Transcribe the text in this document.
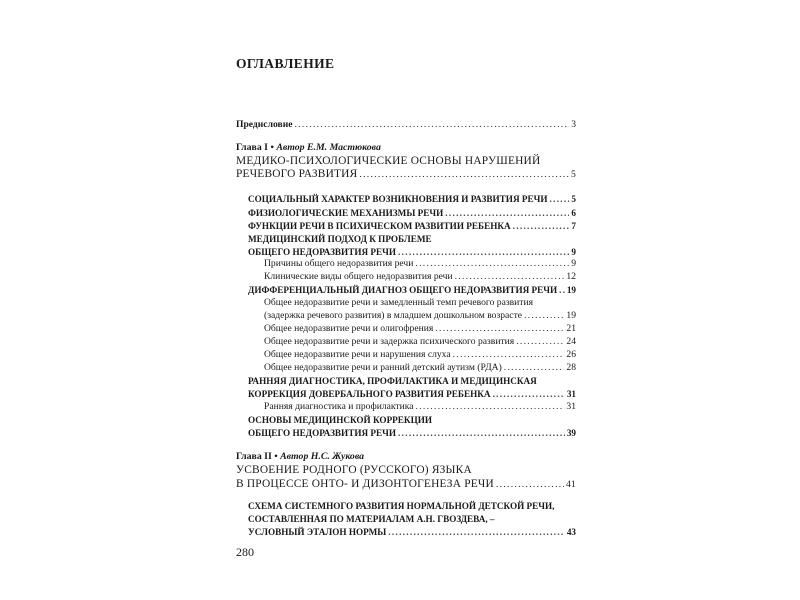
ОГЛАВЛЕНИЕ
Предисловие .....	3
Глава I • Автор Е.М. Мастюкова
МЕДИКО-ПСИХОЛОГИЧЕСКИЕ ОСНОВЫ НАРУШЕНИЙ
РЕЧЕВОГО РАЗВИТИЯ .....	5
СОЦИАЛЬНЫЙ ХАРАКТЕР ВОЗНИКНОВЕНИЯ И РАЗВИТИЯ РЕЧИ .....	5
ФИЗИОЛОГИЧЕСКИЕ МЕХАНИЗМЫ РЕЧИ .....	6
ФУНКЦИИ РЕЧИ В ПСИХИЧЕСКОМ РАЗВИТИИ РЕБЕНКА .....	7
МЕДИЦИНСКИЙ ПОДХОД К ПРОБЛЕМЕ
ОБЩЕГО НЕДОРАЗВИТИЯ РЕЧИ .....	9
Причины общего недоразвития речи .....	9
Клинические виды общего недоразвития речи .....	12
ДИФФЕРЕНЦИАЛЬНЫЙ ДИАГНОЗ ОБЩЕГО НЕДОРАЗВИТИЯ РЕЧИ ..... 19
Общее недоразвитие речи и замедленный темп речевого развития
(задержка речевого развития) в младшем дошкольном возрасте .....	19
Общее недоразвитие речи и олигофрения .....	21
Общее недоразвитие речи и задержка психического развития .....	24
Общее недоразвитие речи и нарушения слуха .....	26
Общее недоразвитие речи и ранний детский аутизм (РДА) .....	28
РАННЯЯ ДИАГНОСТИКА, ПРОФИЛАКТИКА И МЕДИЦИНСКАЯ
КОРРЕКЦИЯ ДОВЕРБАЛЬНОГО РАЗВИТИЯ РЕБЕНКА .....	31
Ранняя диагностика и профилактика .....	31
ОСНОВЫ МЕДИЦИНСКОЙ КОРРЕКЦИИ
ОБЩЕГО НЕДОРАЗВИТИЯ РЕЧИ .....	39
Глава II • Автор Н.С. Жукова
УСВОЕНИЕ РОДНОГО (РУССКОГО) ЯЗЫКА
В ПРОЦЕССЕ ОНТО- И ДИЗОНТОГЕНЕЗА РЕЧИ .....	41
СХЕМА СИСТЕМНОГО РАЗВИТИЯ НОРМАЛЬНОЙ ДЕТСКОЙ РЕЧИ,
СОСТАВЛЕННАЯ ПО МАТЕРИАЛАМ А.Н. ГВОЗДЕВА, –
УСЛОВНЫЙ ЭТАЛОН НОРМЫ .....	43
280
